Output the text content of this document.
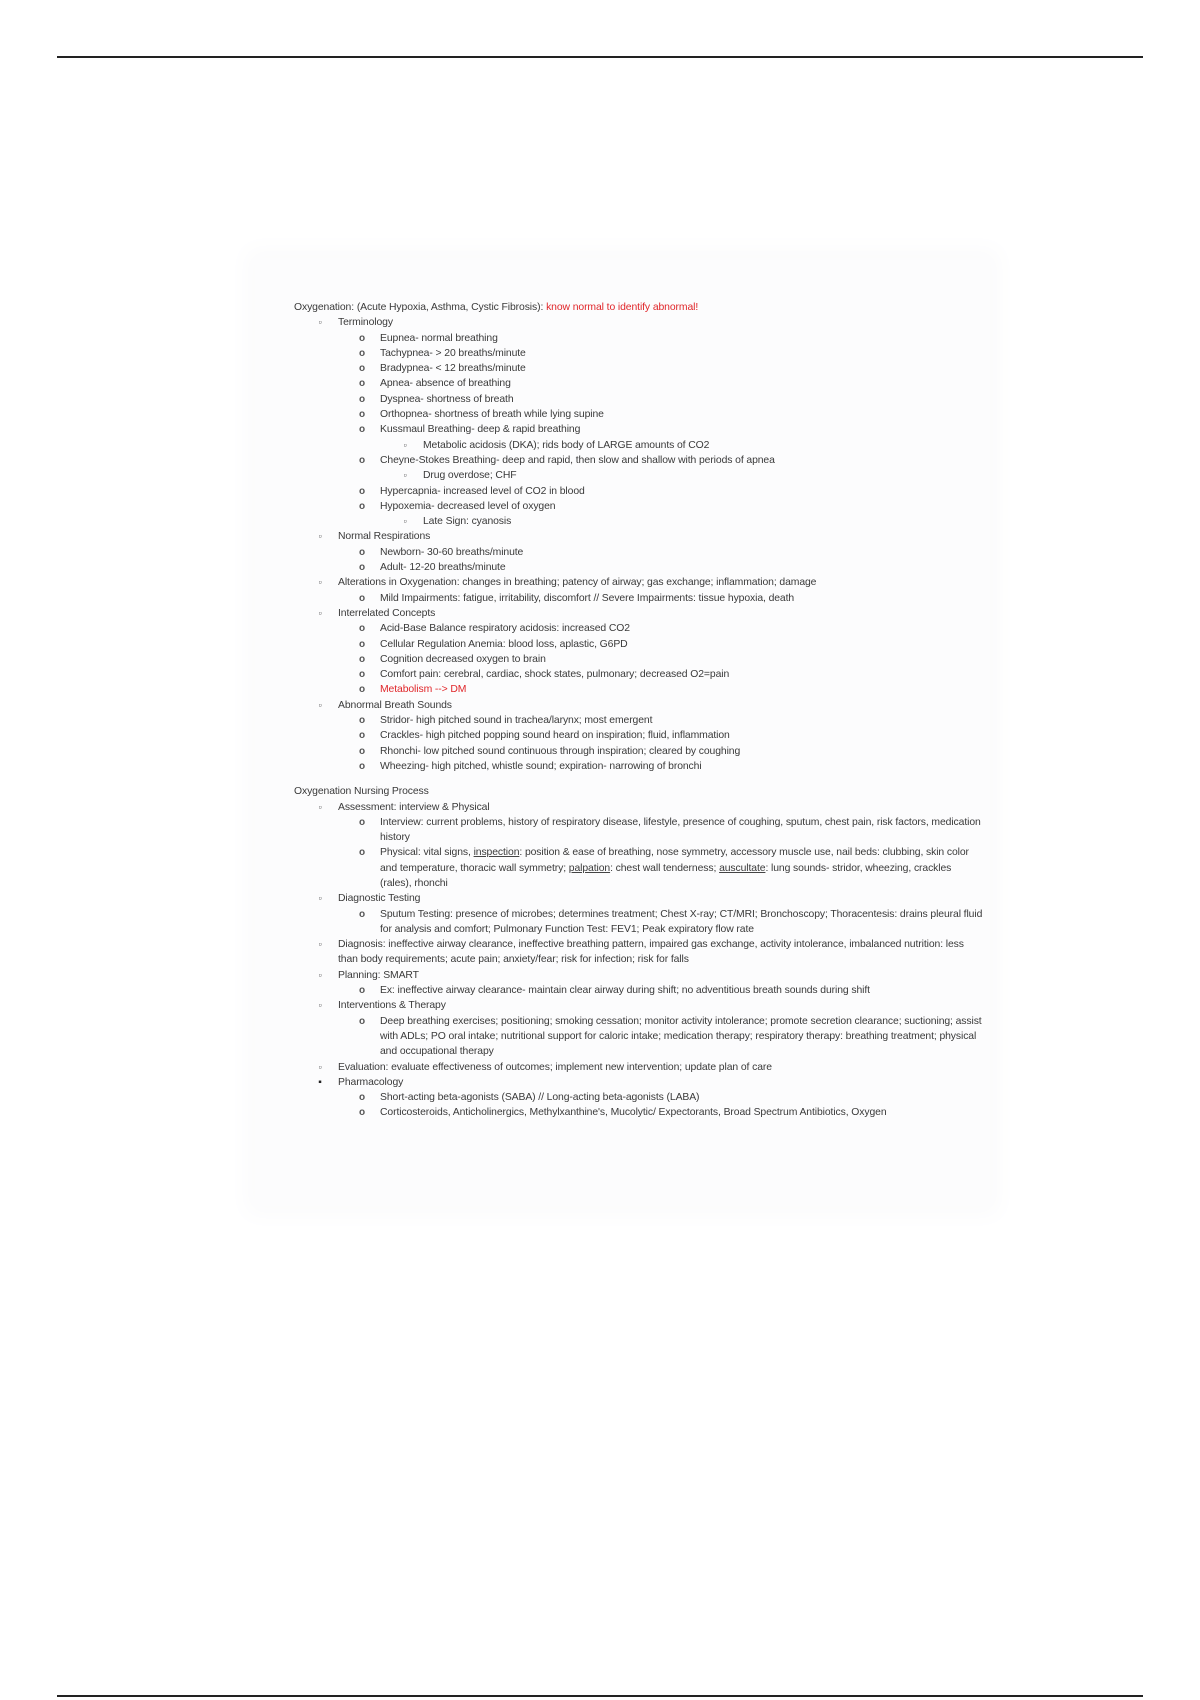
Oxygenation: (Acute Hypoxia, Asthma, Cystic Fibrosis): know normal to identify abnormal!

▫	Terminology
o Eupnea- normal breathing
o Tachypnea- > 20 breaths/minute
o Bradypnea- < 12 breaths/minute
o Apnea- absence of breathing
o Dyspnea- shortness of breath
o Orthopnea- shortness of breath while lying supine
o Kussmaul Breathing- deep & rapid breathing
▫	Metabolic acidosis (DKA); rids body of LARGE amounts of CO2
o Cheyne-Stokes Breathing- deep and rapid, then slow and shallow with periods of apnea
▫	Drug overdose; CHF
o Hypercapnia- increased level of CO2 in blood
o Hypoxemia- decreased level of oxygen
▫	Late Sign: cyanosis
▫	Normal Respirations
o Newborn- 30-60 breaths/minute
o Adult- 12-20 breaths/minute
▫	Alterations in Oxygenation: changes in breathing; patency of airway; gas exchange; inflammation; damage
o Mild Impairments: fatigue, irritability, discomfort // Severe Impairments: tissue hypoxia, death
▫	Interrelated Concepts
o Acid-Base Balance respiratory acidosis: increased CO2
o Cellular Regulation Anemia: blood loss, aplastic, G6PD
o Cognition decreased oxygen to brain
o Comfort pain: cerebral, cardiac, shock states, pulmonary; decreased O2=pain
o Metabolism --> DM
▫	Abnormal Breath Sounds
o Stridor- high pitched sound in trachea/larynx; most emergent
o Crackles- high pitched popping sound heard on inspiration; fluid, inflammation
o Rhonchi- low pitched sound continuous through inspiration; cleared by coughing
o Wheezing- high pitched, whistle sound; expiration- narrowing of bronchi

Oxygenation Nursing Process

▫	Assessment: interview & Physical
o Interview: current problems, history of respiratory disease, lifestyle, presence of coughing, sputum, chest pain, risk factors, medication history
o Physical: vital signs, inspection: position & ease of breathing, nose symmetry, accessory muscle use, nail beds: clubbing, skin color and temperature, thoracic wall symmetry; palpation: chest wall tenderness; auscultate: lung sounds- stridor, wheezing, crackles (rales), rhonchi
▫	Diagnostic Testing
o Sputum Testing: presence of microbes; determines treatment; Chest X-ray; CT/MRI; Bronchoscopy; Thoracentesis: drains pleural fluid for analysis and comfort; Pulmonary Function Test: FEV1; Peak expiratory flow rate
▫	Diagnosis: ineffective airway clearance, ineffective breathing pattern, impaired gas exchange, activity intolerance, imbalanced nutrition: less than body requirements; acute pain; anxiety/fear; risk for infection; risk for falls
▫	Planning: SMART
o Ex: ineffective airway clearance- maintain clear airway during shift; no adventitious breath sounds during shift
▫	Interventions & Therapy
o Deep breathing exercises; positioning; smoking cessation; monitor activity intolerance; promote secretion clearance; suctioning; assist with ADLs; PO oral intake; nutritional support for caloric intake; medication therapy; respiratory therapy: breathing treatment; physical and occupational therapy
▫	Evaluation: evaluate effectiveness of outcomes; implement new intervention; update plan of care
▪	Pharmacology
o Short-acting beta-agonists (SABA) // Long-acting beta-agonists (LABA)
o Corticosteroids, Anticholinergics, Methylxanthine's, Mucolytic/ Expectorants, Broad Spectrum Antibiotics, Oxygen
